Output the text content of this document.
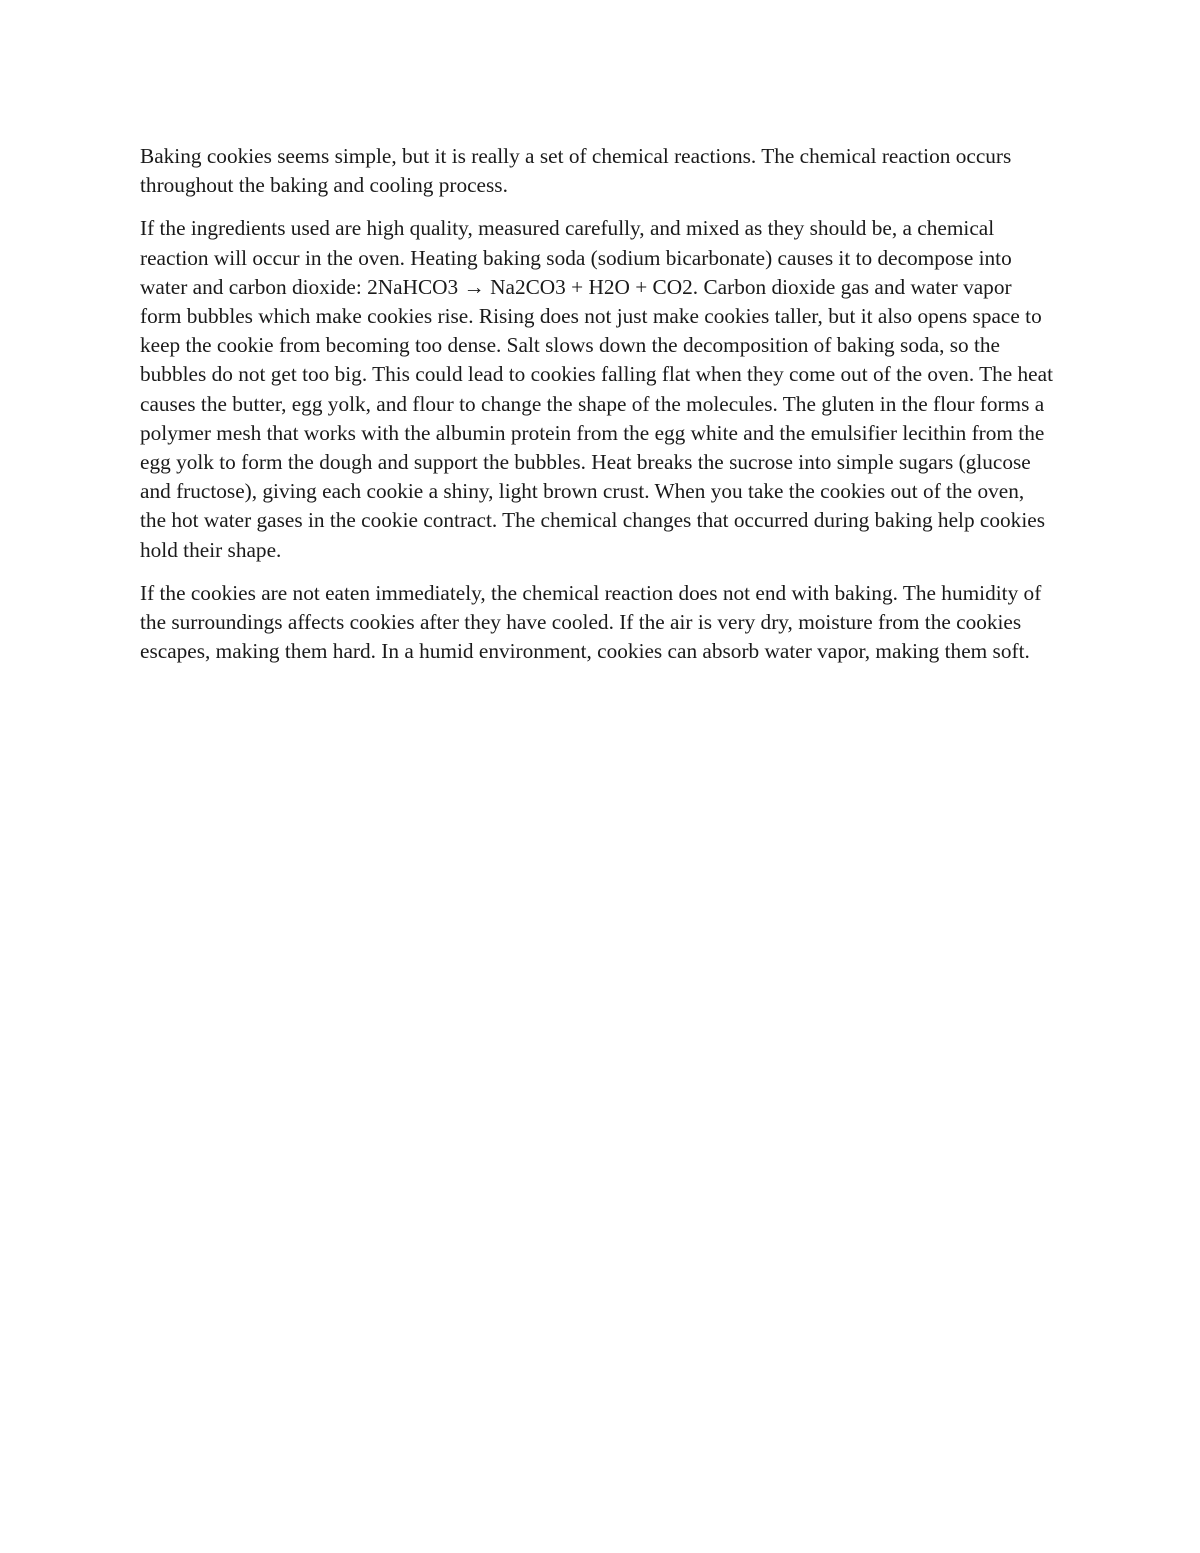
Baking cookies seems simple, but it is really a set of chemical reactions. The chemical reaction occurs throughout the baking and cooling process.

If the ingredients used are high quality, measured carefully, and mixed as they should be, a chemical reaction will occur in the oven. Heating baking soda (sodium bicarbonate) causes it to decompose into water and carbon dioxide: 2NaHCO3 → Na2CO3 + H2O + CO2. Carbon dioxide gas and water vapor form bubbles which make cookies rise. Rising does not just make cookies taller, but it also opens space to keep the cookie from becoming too dense. Salt slows down the decomposition of baking soda, so the bubbles do not get too big. This could lead to cookies falling flat when they come out of the oven. The heat causes the butter, egg yolk, and flour to change the shape of the molecules. The gluten in the flour forms a polymer mesh that works with the albumin protein from the egg white and the emulsifier lecithin from the egg yolk to form the dough and support the bubbles. Heat breaks the sucrose into simple sugars (glucose and fructose), giving each cookie a shiny, light brown crust. When you take the cookies out of the oven, the hot water gases in the cookie contract. The chemical changes that occurred during baking help cookies hold their shape.

If the cookies are not eaten immediately, the chemical reaction does not end with baking. The humidity of the surroundings affects cookies after they have cooled. If the air is very dry, moisture from the cookies escapes, making them hard. In a humid environment, cookies can absorb water vapor, making them soft.
